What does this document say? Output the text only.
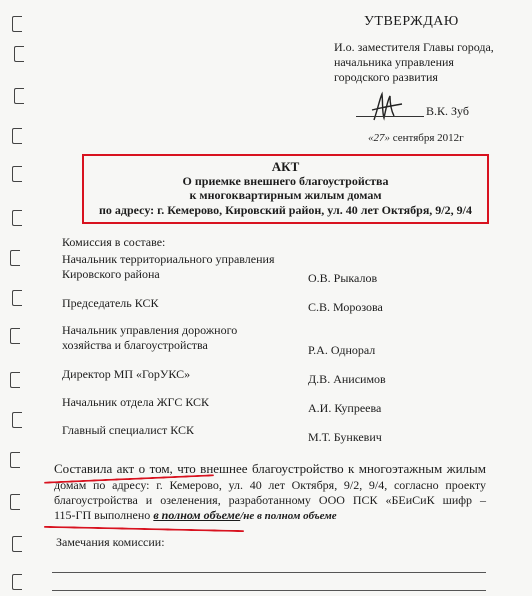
УТВЕРЖДАЮ
И.о. заместителя Главы города,
начальника управления
городского развития
В.К. Зуб
«27» сентября 2012г
АКТ
О приемке внешнего благоустройства
к многоквартирным жилым домам
по адресу: г. Кемерово, Кировский район, ул. 40 лет Октября, 9/2, 9/4
Комиссия в составе:
Начальник территориального управления
Кировского района	О.В. Рыкалов
Председатель КСК	С.В. Морозова
Начальник управления дорожного
хозяйства и благоустройства	Р.А. Однорал
Директор МП «ГорУКС»	Д.В. Анисимов
Начальник отдела ЖГС КСК	А.И. Купреева
Главный специалист КСК	М.Т. Бункевич
Составила акт о том, что внешнее благоустройство к многоэтажным жилым
домам по адресу: г. Кемерово, ул. 40 лет Октября, 9/2, 9/4, согласно проекту
благоустройства и озеленения, разработанному ООО ПСК «БЕиСиК шифр –
115-ГП выполнено в полном объеме/не в полном объеме
Замечания комиссии:
